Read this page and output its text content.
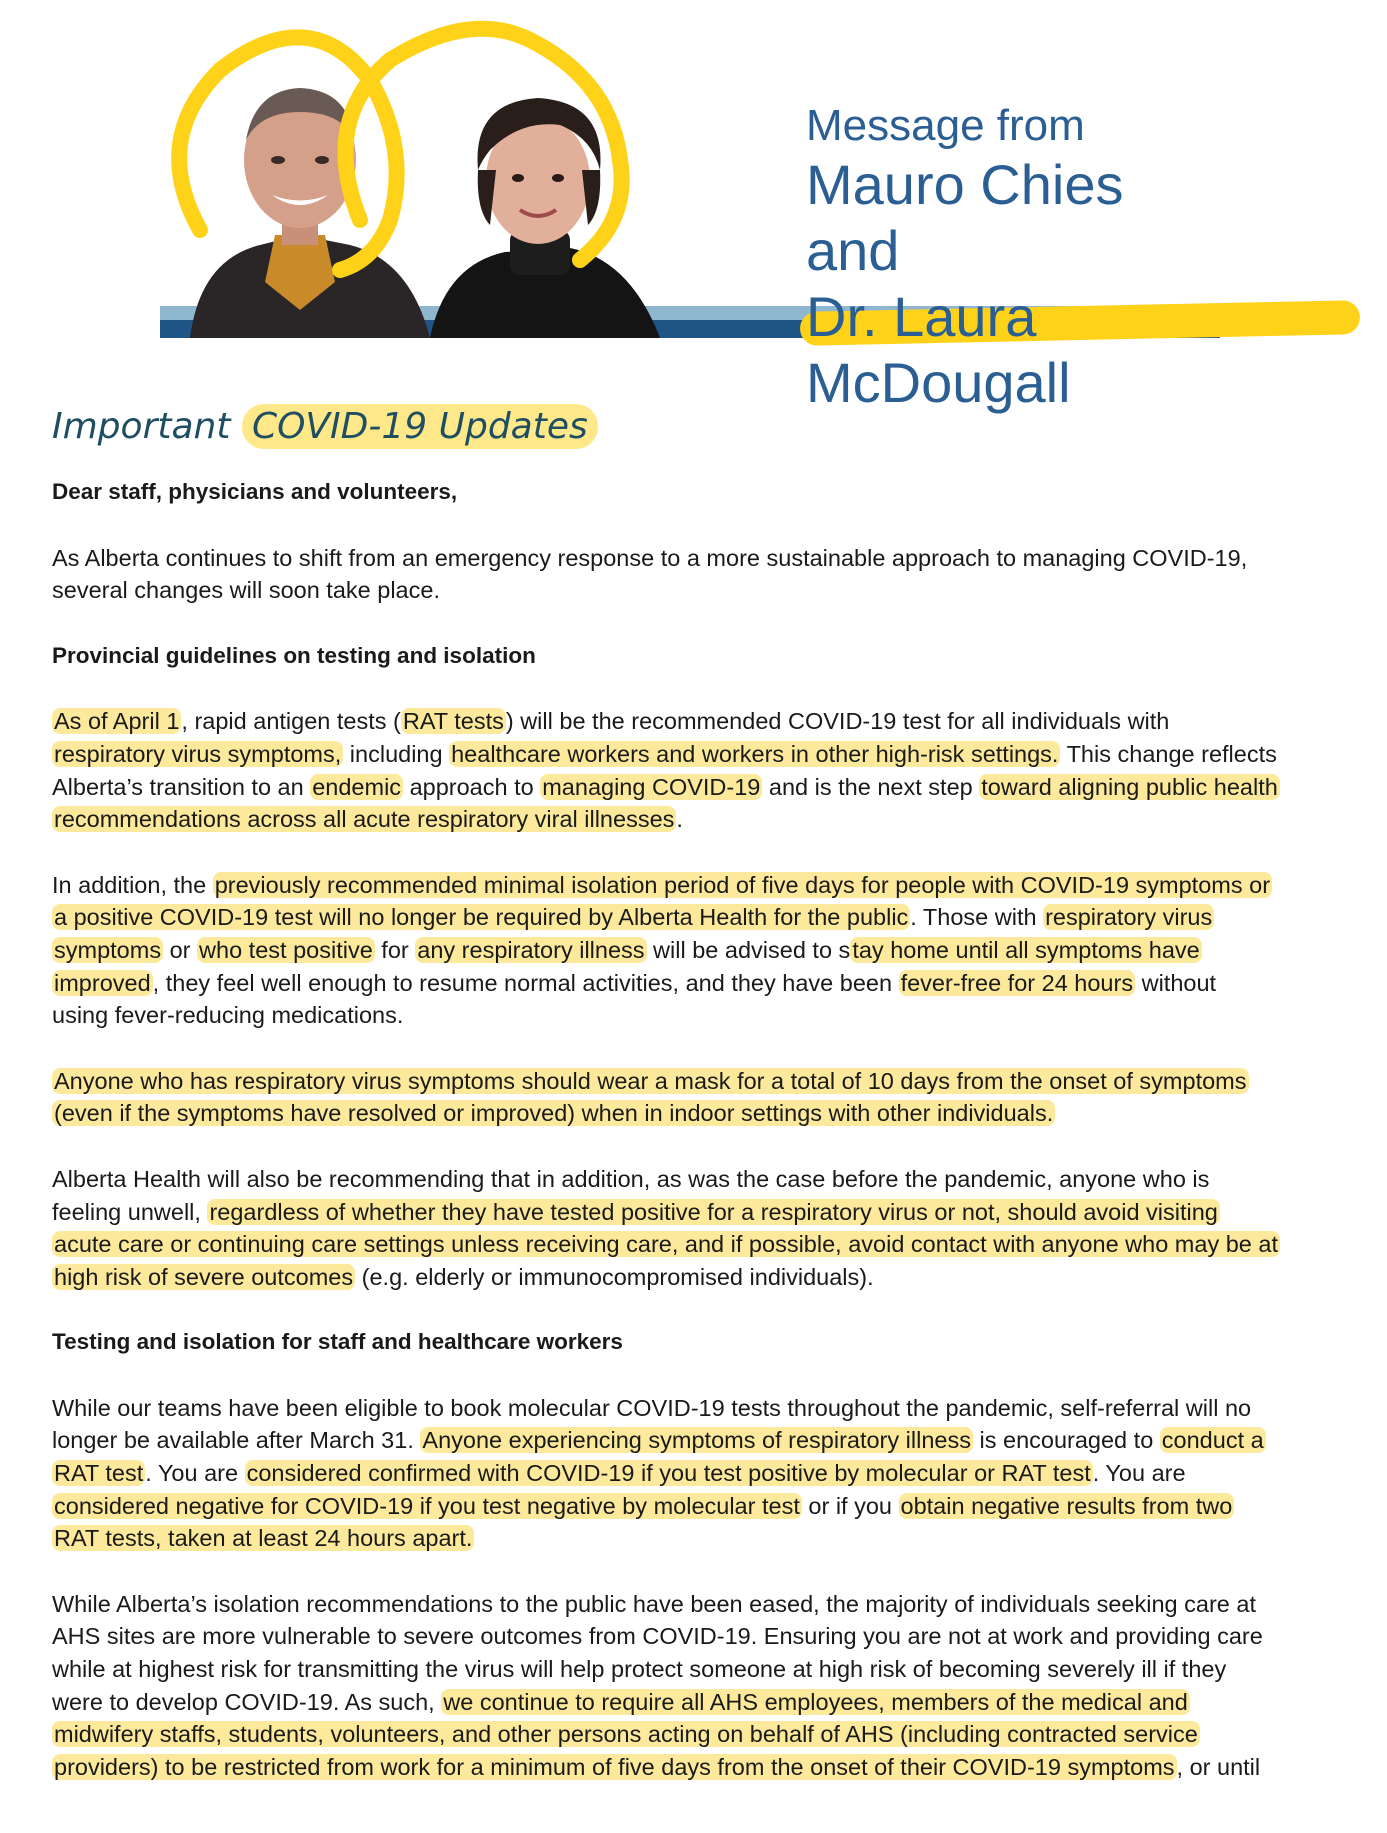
Message from
Mauro Chies and
Dr. Laura McDougall
Important COVID-19 Updates

Dear staff, physicians and volunteers,

As Alberta continues to shift from an emergency response to a more sustainable approach to managing COVID-19,
several changes will soon take place.

Provincial guidelines on testing and isolation

As of April 1, rapid antigen tests (RAT tests) will be the recommended COVID-19 test for all individuals with
respiratory virus symptoms, including healthcare workers and workers in other high-risk settings. This change reflects
Alberta’s transition to an endemic approach to managing COVID-19 and is the next step toward aligning public health
recommendations across all acute respiratory viral illnesses.

In addition, the previously recommended minimal isolation period of five days for people with COVID-19 symptoms or
a positive COVID-19 test will no longer be required by Alberta Health for the public. Those with respiratory virus
symptoms or who test positive for any respiratory illness will be advised to stay home until all symptoms have
improved, they feel well enough to resume normal activities, and they have been fever-free for 24 hours without
using fever-reducing medications.

Anyone who has respiratory virus symptoms should wear a mask for a total of 10 days from the onset of symptoms
(even if the symptoms have resolved or improved) when in indoor settings with other individuals.

Alberta Health will also be recommending that in addition, as was the case before the pandemic, anyone who is
feeling unwell, regardless of whether they have tested positive for a respiratory virus or not, should avoid visiting
acute care or continuing care settings unless receiving care, and if possible, avoid contact with anyone who may be at
high risk of severe outcomes (e.g. elderly or immunocompromised individuals).

Testing and isolation for staff and healthcare workers

While our teams have been eligible to book molecular COVID-19 tests throughout the pandemic, self-referral will no
longer be available after March 31. Anyone experiencing symptoms of respiratory illness is encouraged to conduct a
RAT test. You are considered confirmed with COVID-19 if you test positive by molecular or RAT test. You are
considered negative for COVID-19 if you test negative by molecular test or if you obtain negative results from two
RAT tests, taken at least 24 hours apart.

While Alberta’s isolation recommendations to the public have been eased, the majority of individuals seeking care at
AHS sites are more vulnerable to severe outcomes from COVID-19. Ensuring you are not at work and providing care
while at highest risk for transmitting the virus will help protect someone at high risk of becoming severely ill if they
were to develop COVID-19. As such, we continue to require all AHS employees, members of the medical and
midwifery staffs, students, volunteers, and other persons acting on behalf of AHS (including contracted service
providers) to be restricted from work for a minimum of five days from the onset of their COVID-19 symptoms, or until
